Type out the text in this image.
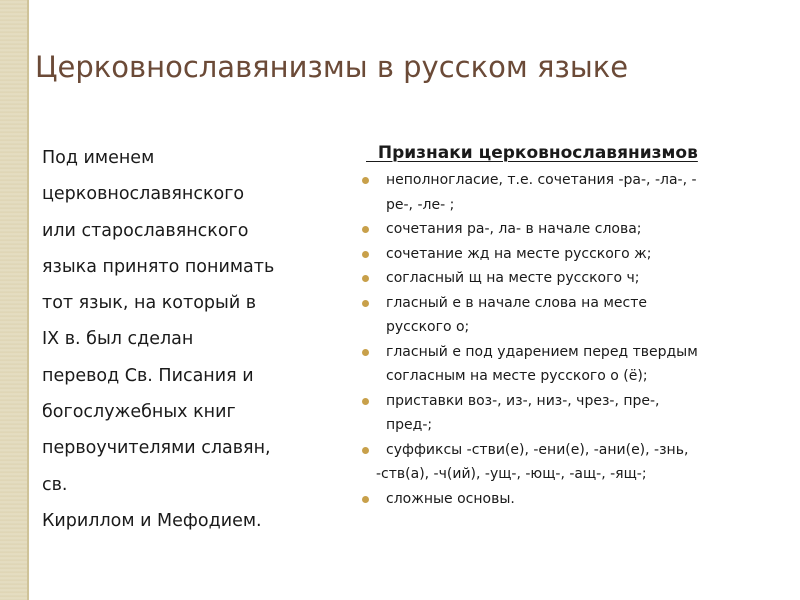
Церковнославянизмы в русском языке
Под именем
церковнославянского
или старославянского
языка принято понимать
тот язык, на который в
IX в. был сделан
перевод Св. Писания и
богослужебных книг
первоучителями славян,
св.
Кириллом и Мефодием.
Признаки церковнославянизмов
неполногласие, т.е. сочетания -ра-, -ла-, -
ре-, -ле- ;
сочетания ра-, ла- в начале слова;
сочетание жд на месте русского ж;
согласный щ на месте русского ч;
гласный е в начале слова на месте
русского о;
гласный е под ударением перед твердым
согласным на месте русского о (ё);
приставки воз-, из-, низ-, чрез-, пре-,
пред-;
суффиксы -стви(е), -ени(е), -ани(е), -знь,
-ств(а), -ч(ий), -ущ-, -ющ-, -ащ-, -ящ-;
сложные основы.
